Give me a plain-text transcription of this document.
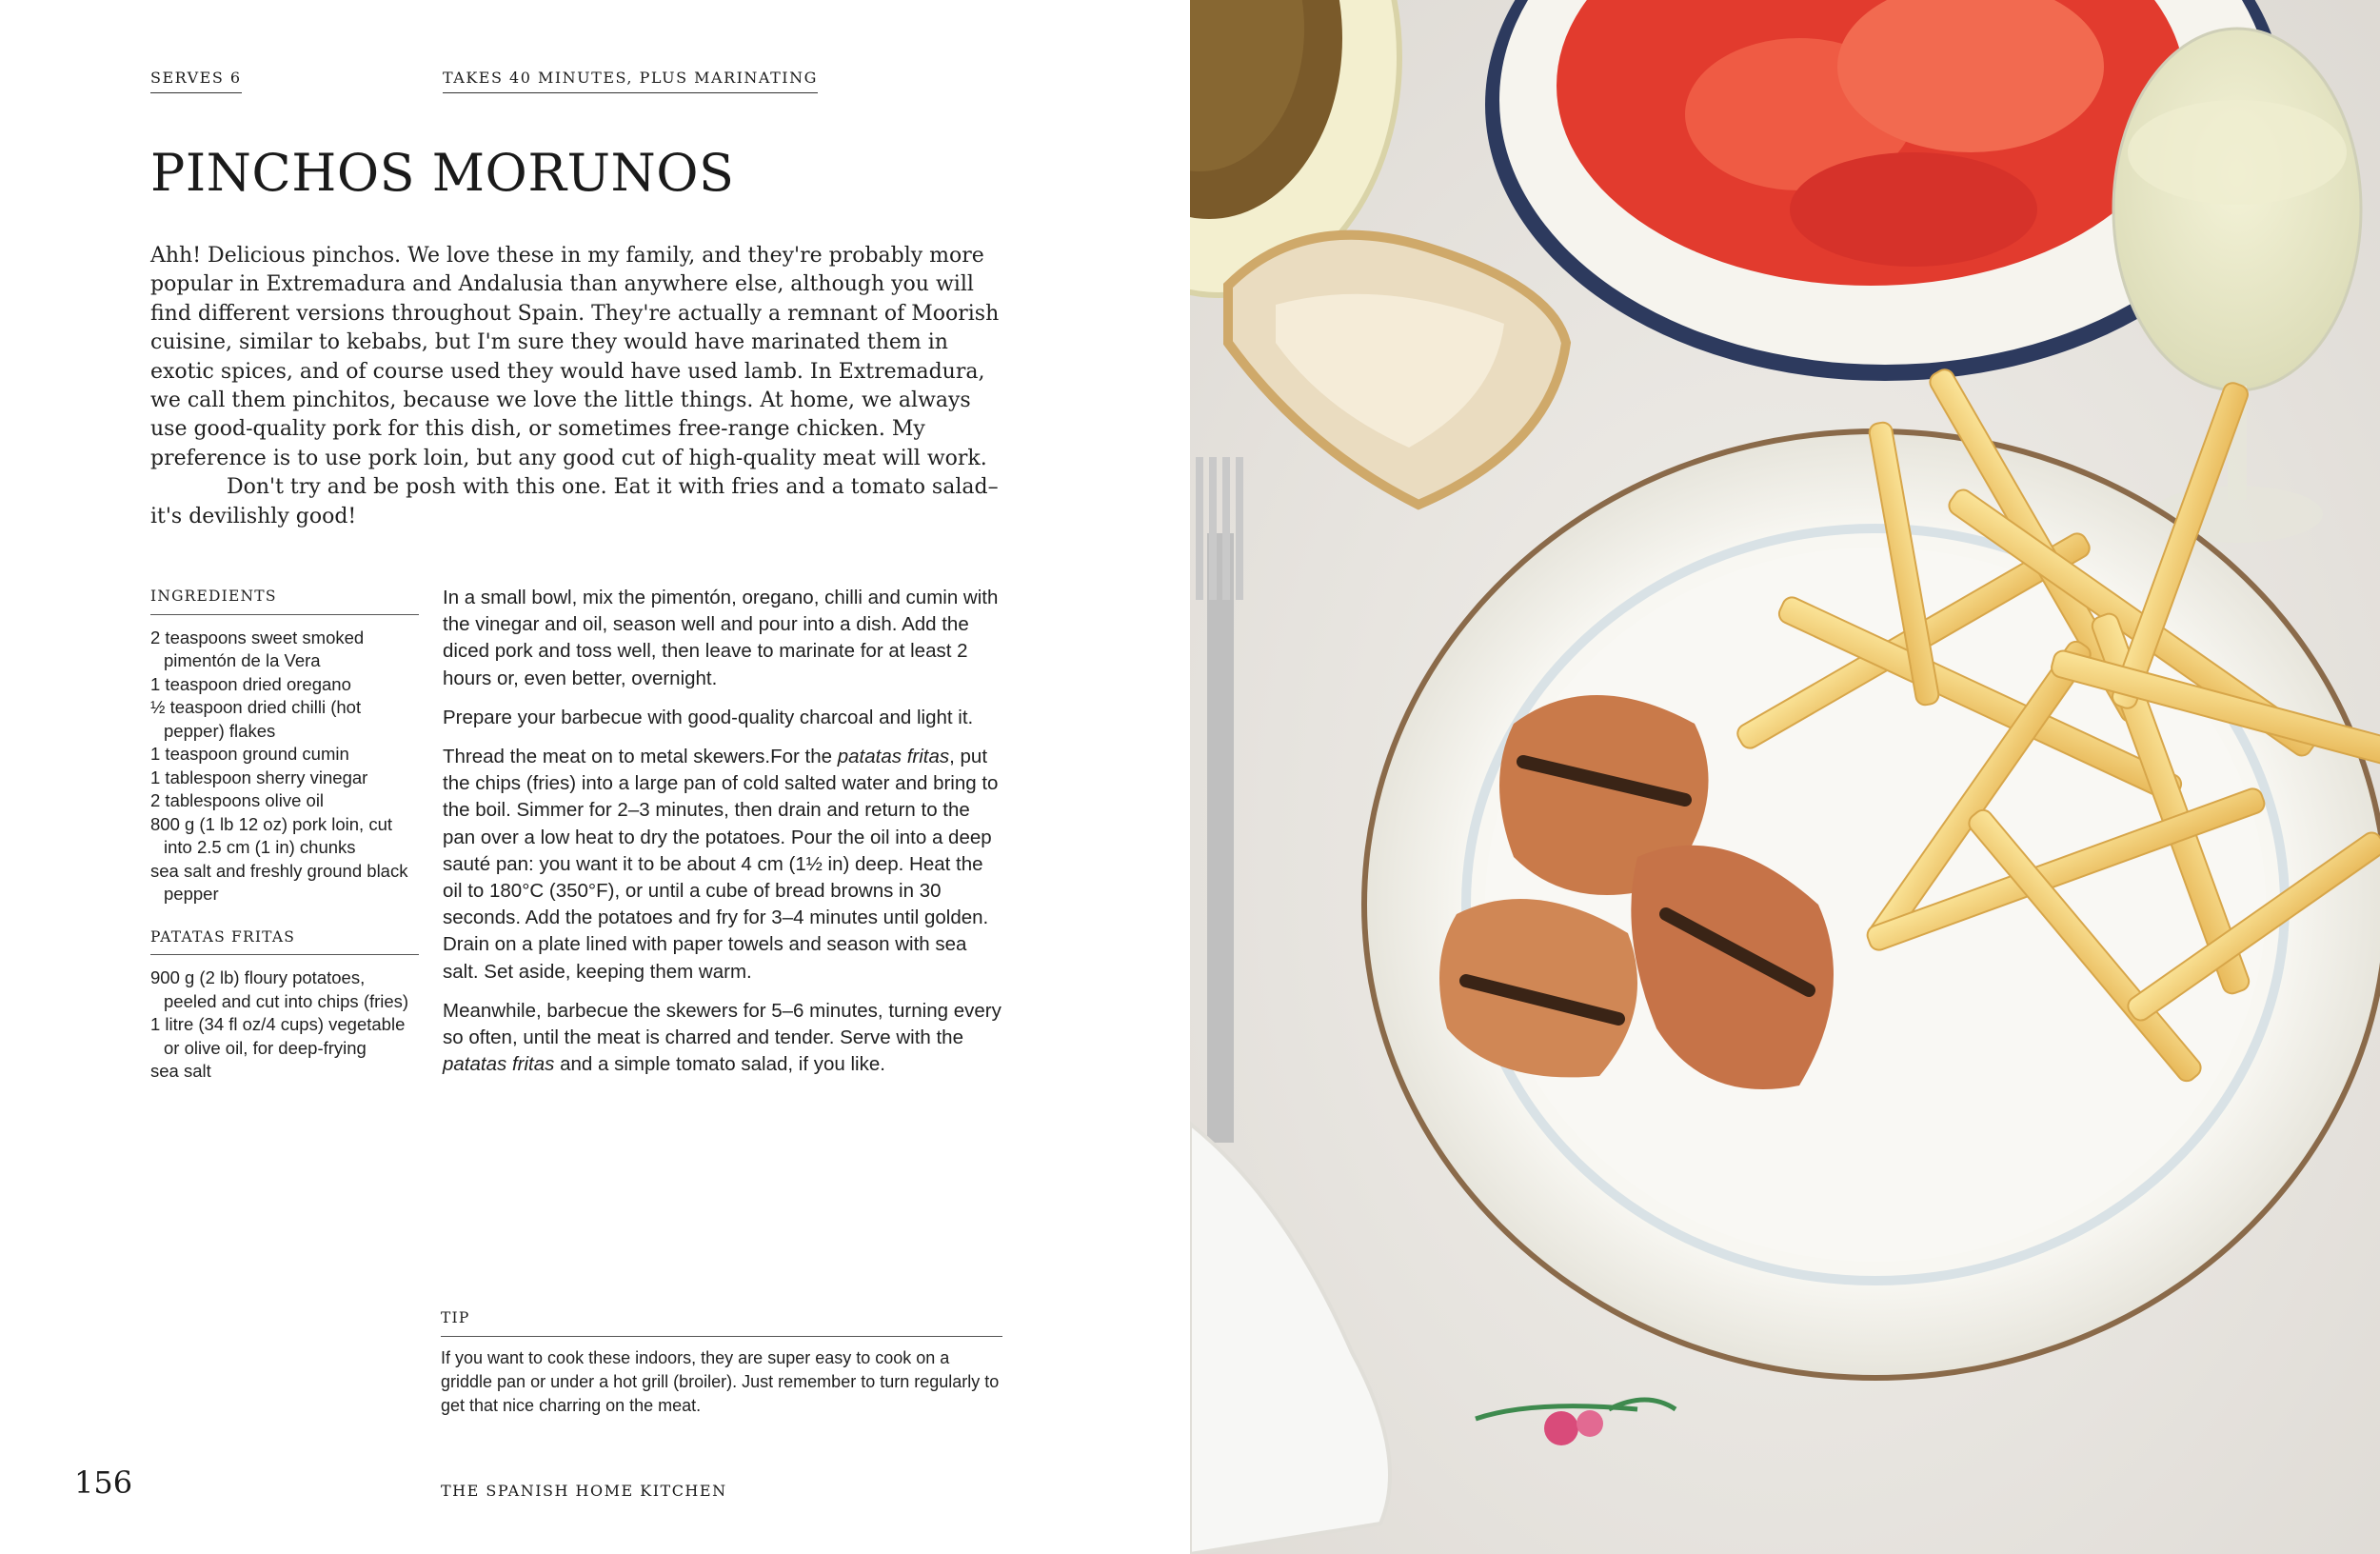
SERVES 6	TAKES 40 MINUTES, PLUS MARINATING
PINCHOS MORUNOS

Ahh! Delicious pinchos. We love these in my family, and they're probably more popular in Extremadura and Andalusia than anywhere else, although you will find different versions throughout Spain. They're actually a remnant of Moorish cuisine, similar to kebabs, but I'm sure they would have marinated them in exotic spices, and of course used they would have used lamb. In Extremadura, we call them pinchitos, because we love the little things. At home, we always use good-quality pork for this dish, or sometimes free-range chicken. My preference is to use pork loin, but any good cut of high-quality meat will work.

Don't try and be posh with this one. Eat it with fries and a tomato salad– it's devilishly good!

INGREDIENTS
2 teaspoons sweet smoked pimentón de la Vera
1 teaspoon dried oregano
½ teaspoon dried chilli (hot pepper) flakes
1 teaspoon ground cumin
1 tablespoon sherry vinegar
2 tablespoons olive oil
800 g (1 lb 12 oz) pork loin, cut into 2.5 cm (1 in) chunks
sea salt and freshly ground black pepper
PATATAS FRITAS
900 g (2 lb) floury potatoes, peeled and cut into chips (fries)
1 litre (34 fl oz/4 cups) vegetable or olive oil, for deep-frying
sea salt

In a small bowl, mix the pimentón, oregano, chilli and cumin with the vinegar and oil, season well and pour into a dish. Add the diced pork and toss well, then leave to marinate for at least 2 hours or, even better, overnight.

Prepare your barbecue with good-quality charcoal and light it.

Thread the meat on to metal skewers.For the patatas fritas, put the chips (fries) into a large pan of cold salted water and bring to the boil. Simmer for 2–3 minutes, then drain and return to the pan over a low heat to dry the potatoes. Pour the oil into a deep sauté pan: you want it to be about 4 cm (1½ in) deep. Heat the oil to 180°C (350°F), or until a cube of bread browns in 30 seconds. Add the potatoes and fry for 3–4 minutes until golden. Drain on a plate lined with paper towels and season with sea salt. Set aside, keeping them warm.

Meanwhile, barbecue the skewers for 5–6 minutes, turning every so often, until the meat is charred and tender. Serve with the patatas fritas and a simple tomato salad, if you like.

TIP

If you want to cook these indoors, they are super easy to cook on a griddle pan or under a hot grill (broiler). Just remember to turn regularly to get that nice charring on the meat.

156	THE SPANISH HOME KITCHEN
